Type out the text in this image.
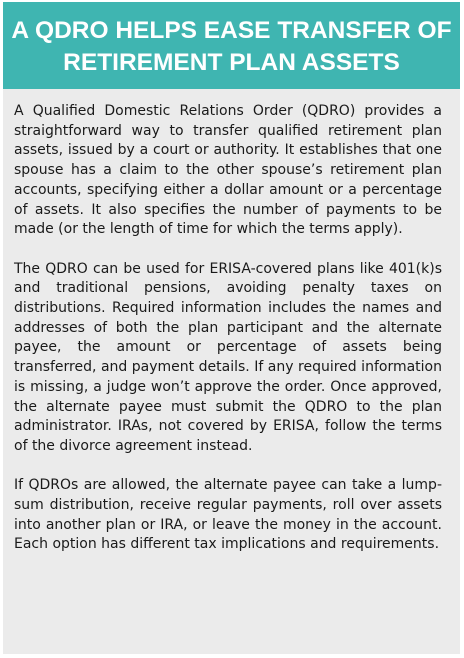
A QDRO HELPS EASE TRANSFER OF
RETIREMENT PLAN ASSETS

A Qualified Domestic Relations Order (QDRO) provides a straightforward way to transfer qualified retirement plan assets, issued by a court or authority. It establishes that one spouse has a claim to the other spouse’s retirement plan accounts, specifying either a dollar amount or a percentage of assets. It also specifies the number of payments to be made (or the length of time for which the terms apply).

The QDRO can be used for ERISA-covered plans like 401(k)s and traditional pensions, avoiding penalty taxes on distributions. Required information includes the names and addresses of both the plan participant and the alternate payee, the amount or percentage of assets being transferred, and payment details. If any required information is missing, a judge won’t approve the order. Once approved, the alternate payee must submit the QDRO to the plan administrator. IRAs, not covered by ERISA, follow the terms of the divorce agreement instead.

If QDROs are allowed, the alternate payee can take a lump-sum distribution, receive regular payments, roll over assets into another plan or IRA, or leave the money in the account. Each option has different tax implications and requirements.
